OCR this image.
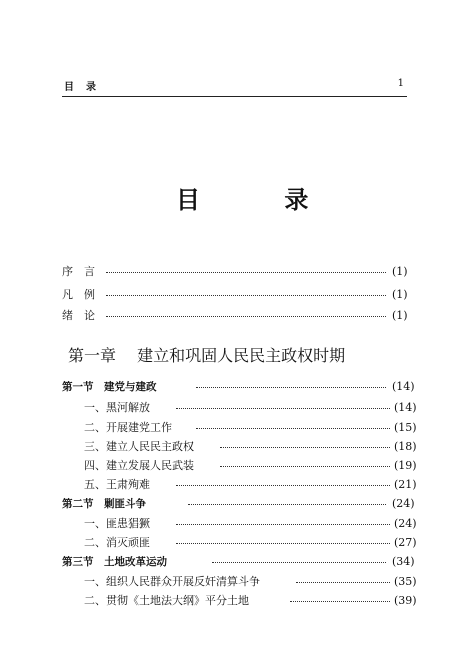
目录	1
目 录
序言	(1)
凡例	(1)
绪论	(1)
第一章 建立和巩固人民民主政权时期
第一节　建党与建政	(14)
一、黑河解放	(14)
二、开展建党工作	(15)
三、建立人民民主政权	(18)
四、建立发展人民武装	(19)
五、王肃殉难	(21)
第二节　剿匪斗争	(24)
一、匪患猖獗	(24)
二、消灭顽匪	(27)
第三节　土地改革运动	(34)
一、组织人民群众开展反奸清算斗争	(35)
二、贯彻《土地法大纲》平分土地	(39)
